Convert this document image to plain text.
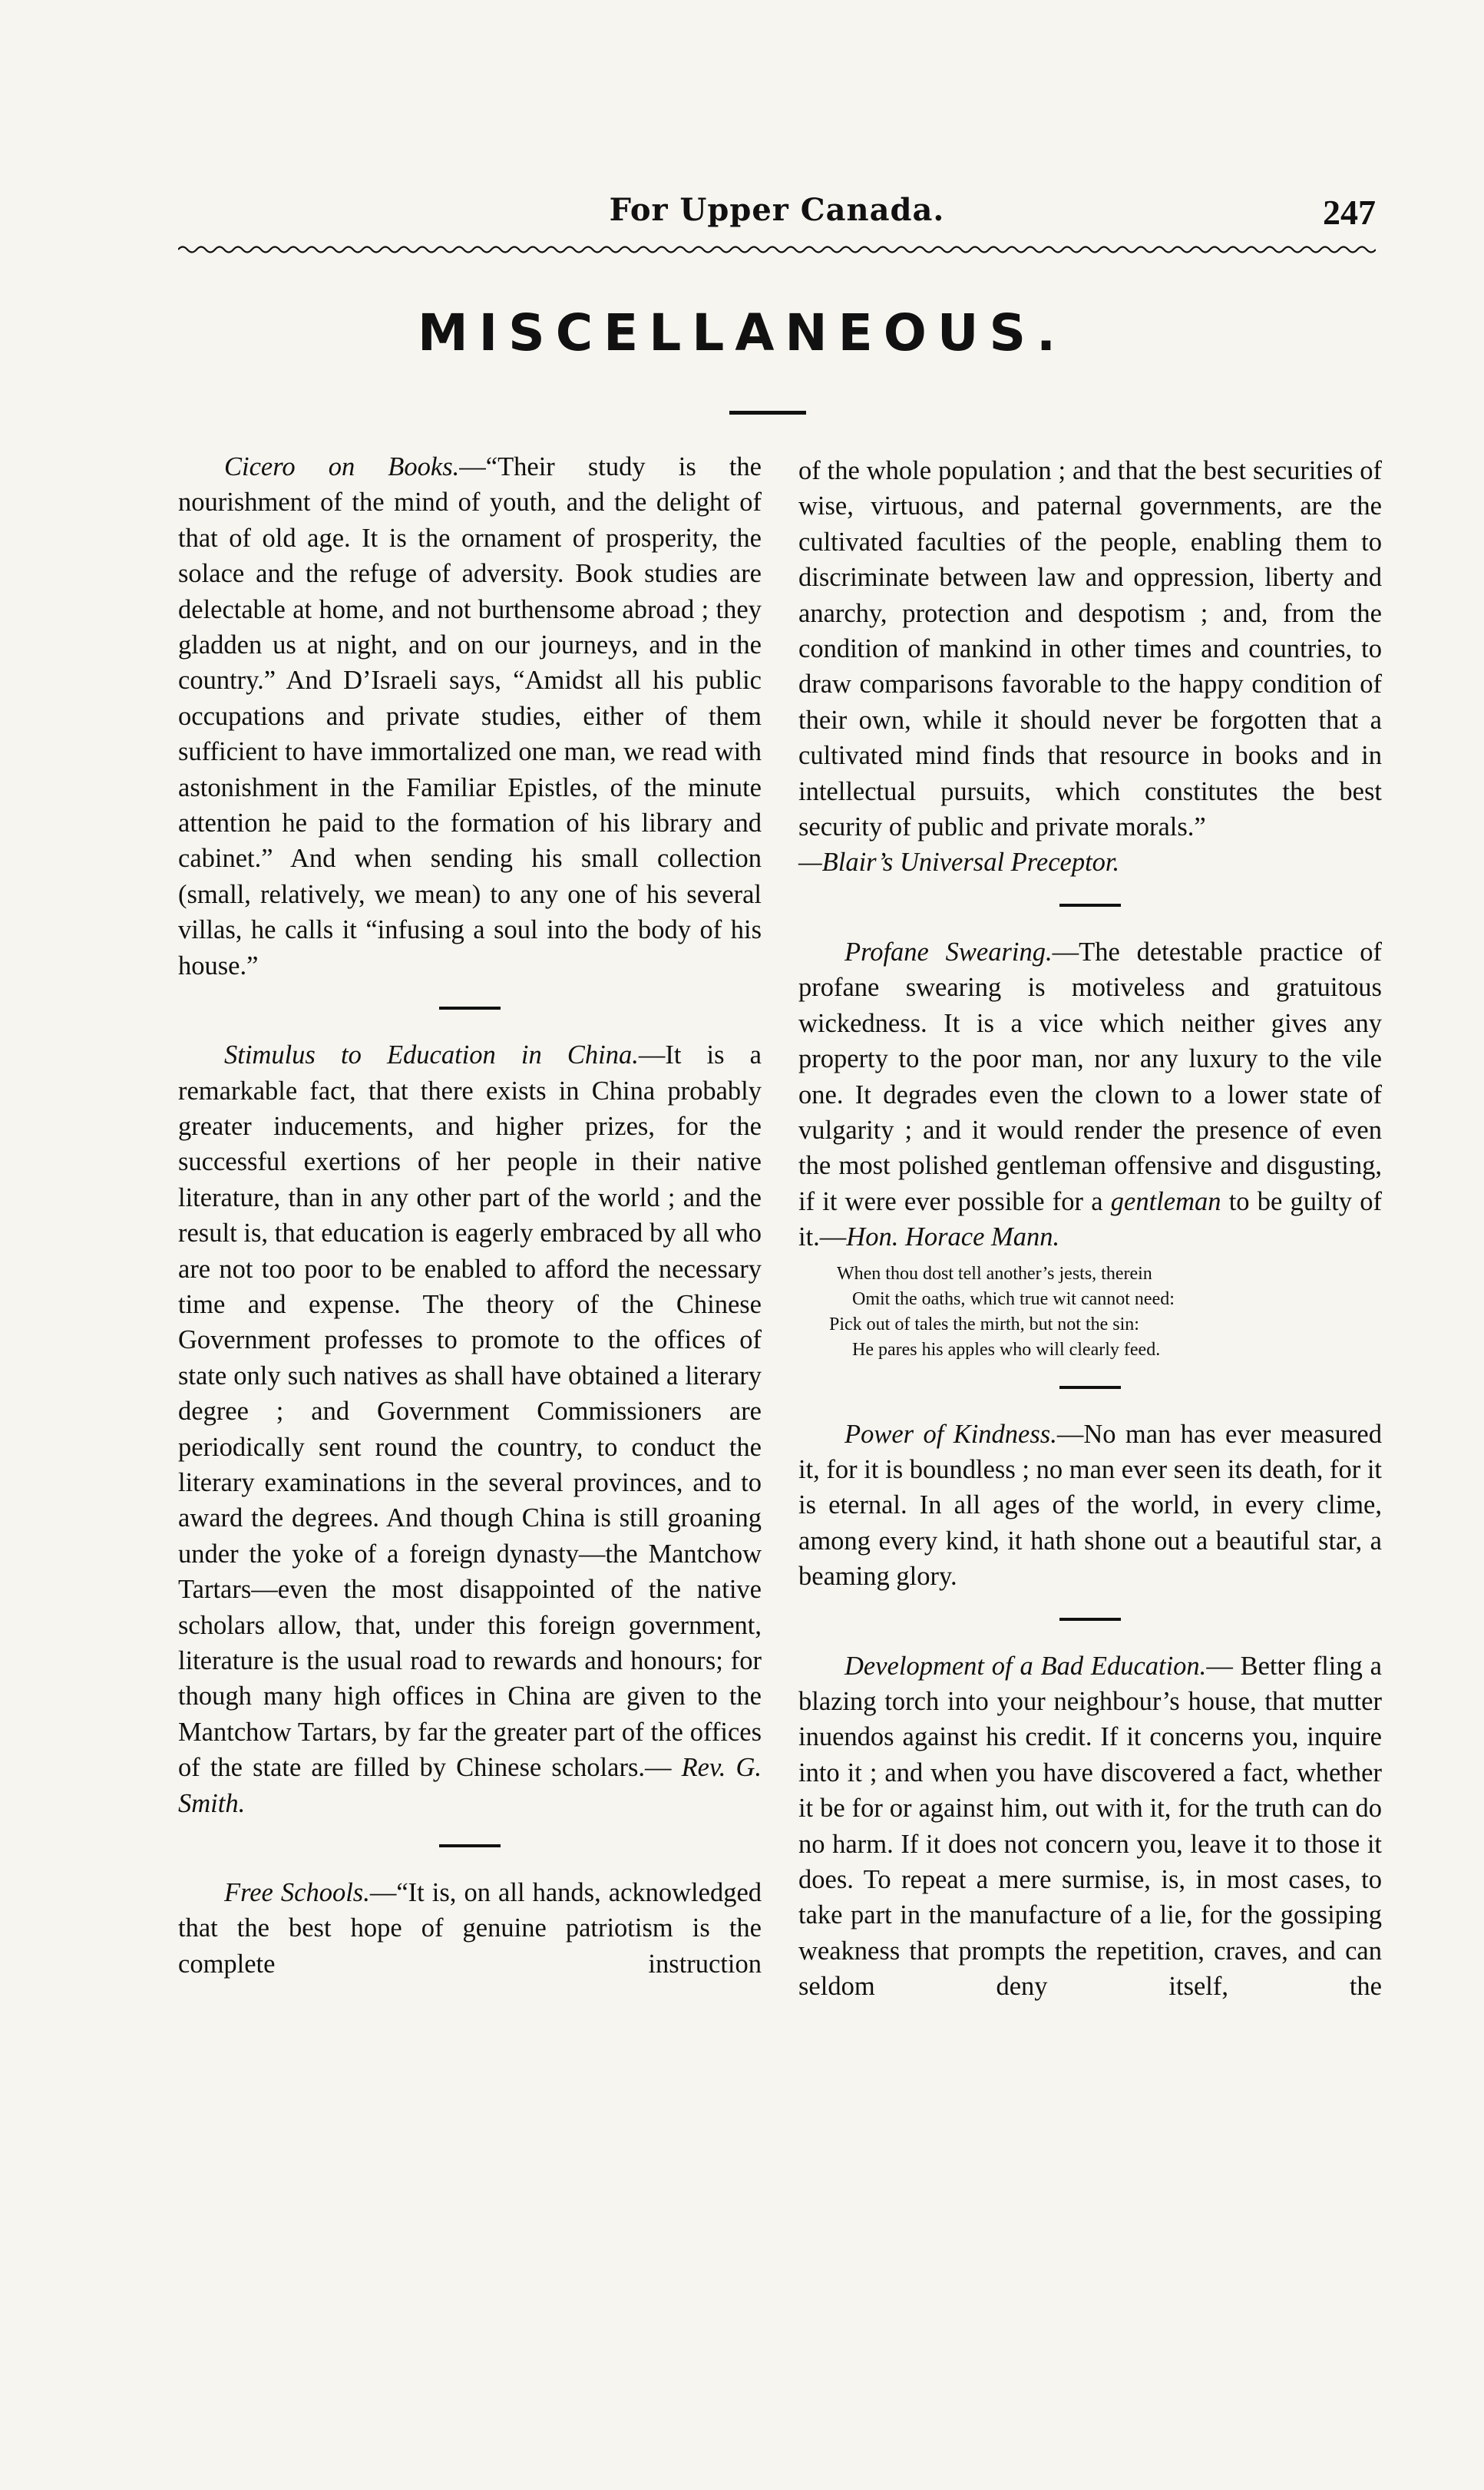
For Upper Canada.	247
MISCELLANEOUS.

Cicero on Books.—“Their study is the nourishment of the mind of youth, and the delight of that of old age. It is the ornament of prosperity, the solace and the refuge of adversity. Book studies are delectable at home, and not burthensome abroad ; they gladden us at night, and on our journeys, and in the country.” And D’Israeli says, “Amidst all his public occupations and private studies, either of them sufficient to have immortalized one man, we read with astonishment in the Familiar Epistles, of the minute attention he paid to the formation of his library and cabinet.” And when sending his small collection (small, relatively, we mean) to any one of his several villas, he calls it “infusing a soul into the body of his house.”

Stimulus to Education in China.—It is a remarkable fact, that there exists in China probably greater inducements, and higher prizes, for the successful exertions of her people in their native literature, than in any other part of the world ; and the result is, that education is eagerly embraced by all who are not too poor to be enabled to afford the necessary time and expense. The theory of the Chinese Government professes to promote to the offices of state only such natives as shall have obtained a literary degree ; and Government Commissioners are periodically sent round the country, to conduct the literary examinations in the several provinces, and to award the degrees. And though China is still groaning under the yoke of a foreign dynasty—the Mantchow Tartars—even the most disappointed of the native scholars allow, that, under this foreign government, literature is the usual road to rewards and honours; for though many high offices in China are given to the Mantchow Tartars, by far the greater part of the offices of the state are filled by Chinese scholars.— Rev. G. Smith.

Free Schools.—“It is, on all hands, acknowledged that the best hope of genuine patriotism is the complete instruction

of the whole population ; and that the best securities of wise, virtuous, and paternal governments, are the cultivated faculties of the people, enabling them to discriminate between law and oppression, liberty and anarchy, protection and despotism ; and, from the condition of mankind in other times and countries, to draw comparisons favorable to the happy condition of their own, while it should never be forgotten that a cultivated mind finds that resource in books and in intellectual pursuits, which constitutes the best security of public and private morals.”
—Blair’s Universal Preceptor.

Profane Swearing.—The detestable practice of profane swearing is motiveless and gratuitous wickedness. It is a vice which neither gives any property to the poor man, nor any luxury to the vile one. It degrades even the clown to a lower state of vulgarity ; and it would render the presence of even the most polished gentleman offensive and disgusting, if it were ever possible for a gentleman to be guilty of it.—Hon. Horace Mann.

When thou dost tell another’s jests, therein
Omit the oaths, which true wit cannot need:
Pick out of tales the mirth, but not the sin:
He pares his apples who will clearly feed.

Power of Kindness.—No man has ever measured it, for it is boundless ; no man ever seen its death, for it is eternal. In all ages of the world, in every clime, among every kind, it hath shone out a beautiful star, a beaming glory.

Development of a Bad Education.— Better fling a blazing torch into your neighbour’s house, that mutter inuendos against his credit. If it concerns you, inquire into it ; and when you have discovered a fact, whether it be for or against him, out with it, for the truth can do no harm. If it does not concern you, leave it to those it does. To repeat a mere surmise, is, in most cases, to take part in the manufacture of a lie, for the gossiping weakness that prompts the repetition, craves, and can seldom deny itself, the
